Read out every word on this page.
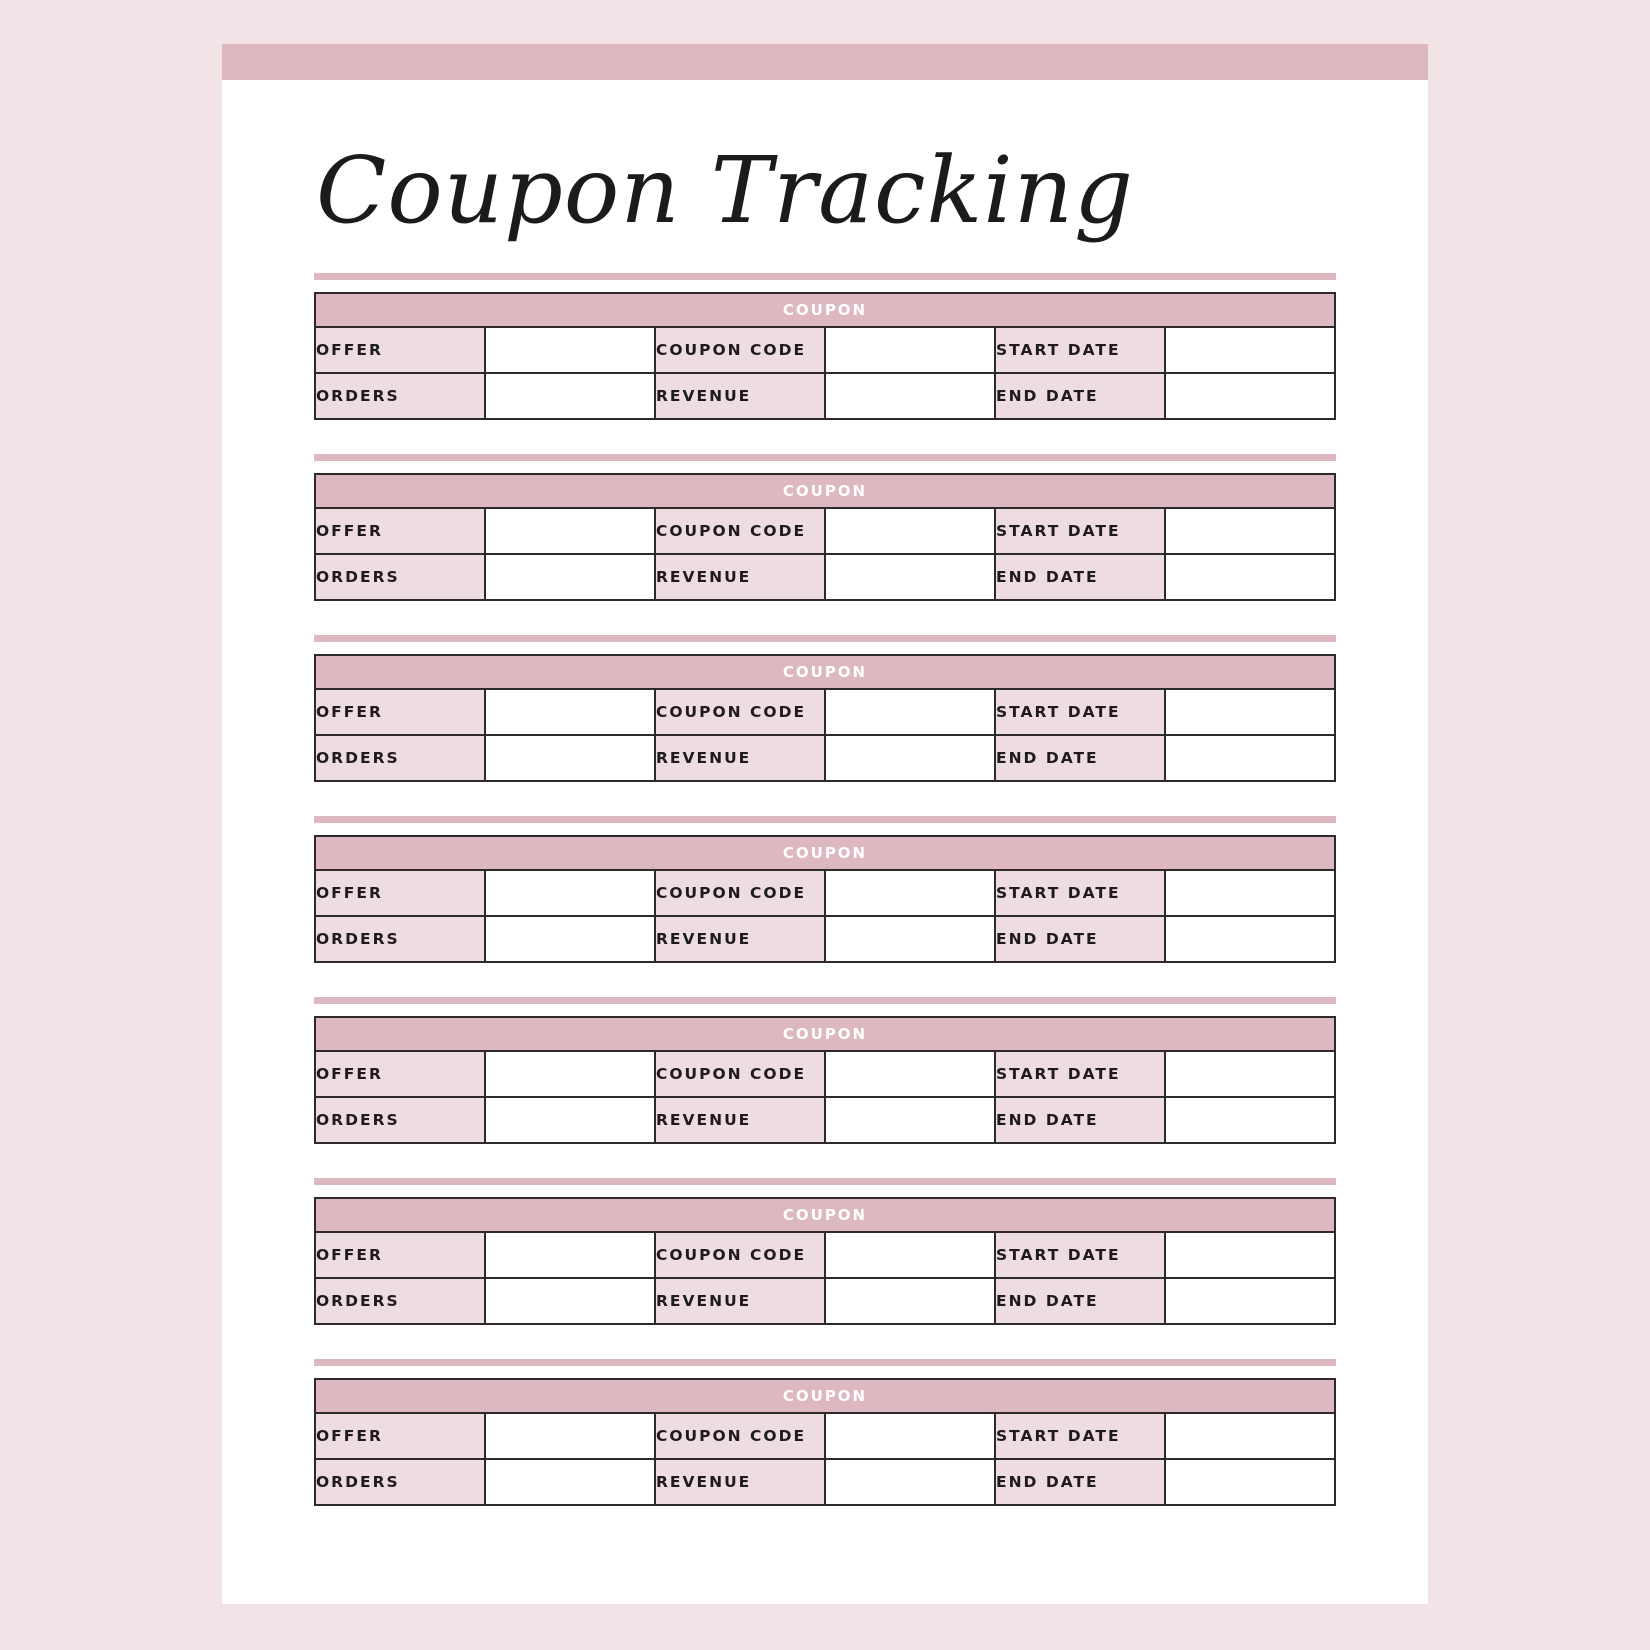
Coupon Tracking
COUPON					
OFFER		COUPON CODE		START DATE	
ORDERS		REVENUE		END DATE	
COUPON					
OFFER		COUPON CODE		START DATE	
ORDERS		REVENUE		END DATE	
COUPON					
OFFER		COUPON CODE		START DATE	
ORDERS		REVENUE		END DATE	
COUPON					
OFFER		COUPON CODE		START DATE	
ORDERS		REVENUE		END DATE	
COUPON					
OFFER		COUPON CODE		START DATE	
ORDERS		REVENUE		END DATE	
COUPON					
OFFER		COUPON CODE		START DATE	
ORDERS		REVENUE		END DATE	
COUPON					
OFFER		COUPON CODE		START DATE	
ORDERS		REVENUE		END DATE	
